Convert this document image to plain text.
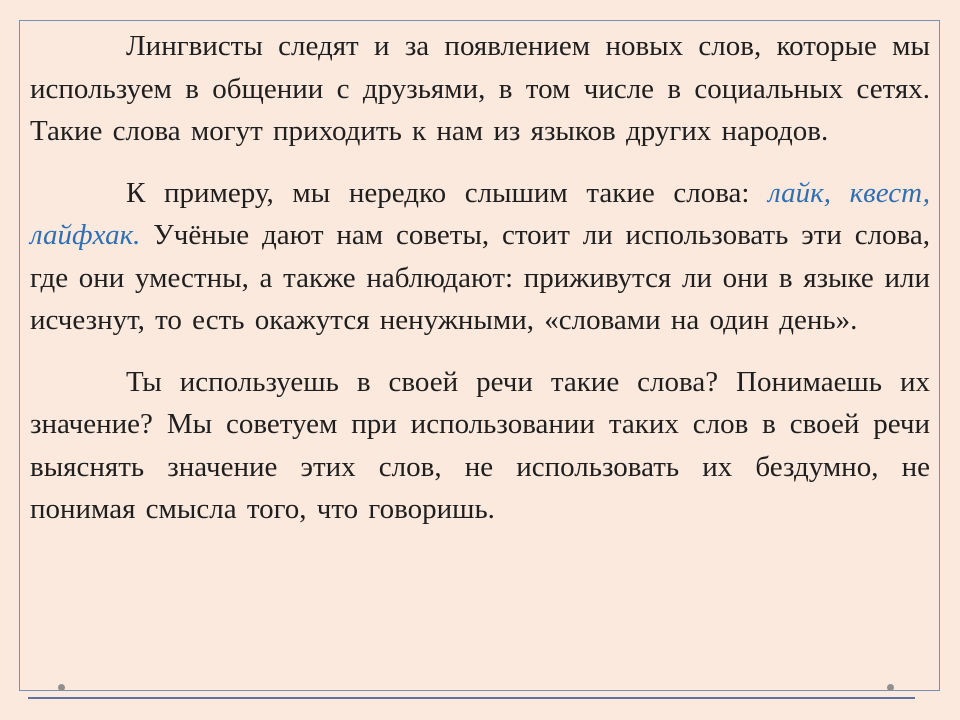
Лингвисты следят и за появлением новых слов, которые мы используем в общении с друзьями, в том числе в социальных сетях. Такие слова могут приходить к нам из языков других народов.

К примеру, мы нередко слышим такие слова: лайк, квест, лайфхак. Учёные дают нам советы, стоит ли использовать эти слова, где они уместны, а также наблюдают: приживутся ли они в языке или исчезнут, то есть окажутся ненужными, «словами на один день».

Ты используешь в своей речи такие слова? Понимаешь их значение? Мы советуем при использовании таких слов в своей речи выяснять значение этих слов, не использовать их бездумно, не понимая смысла того, что говоришь.
